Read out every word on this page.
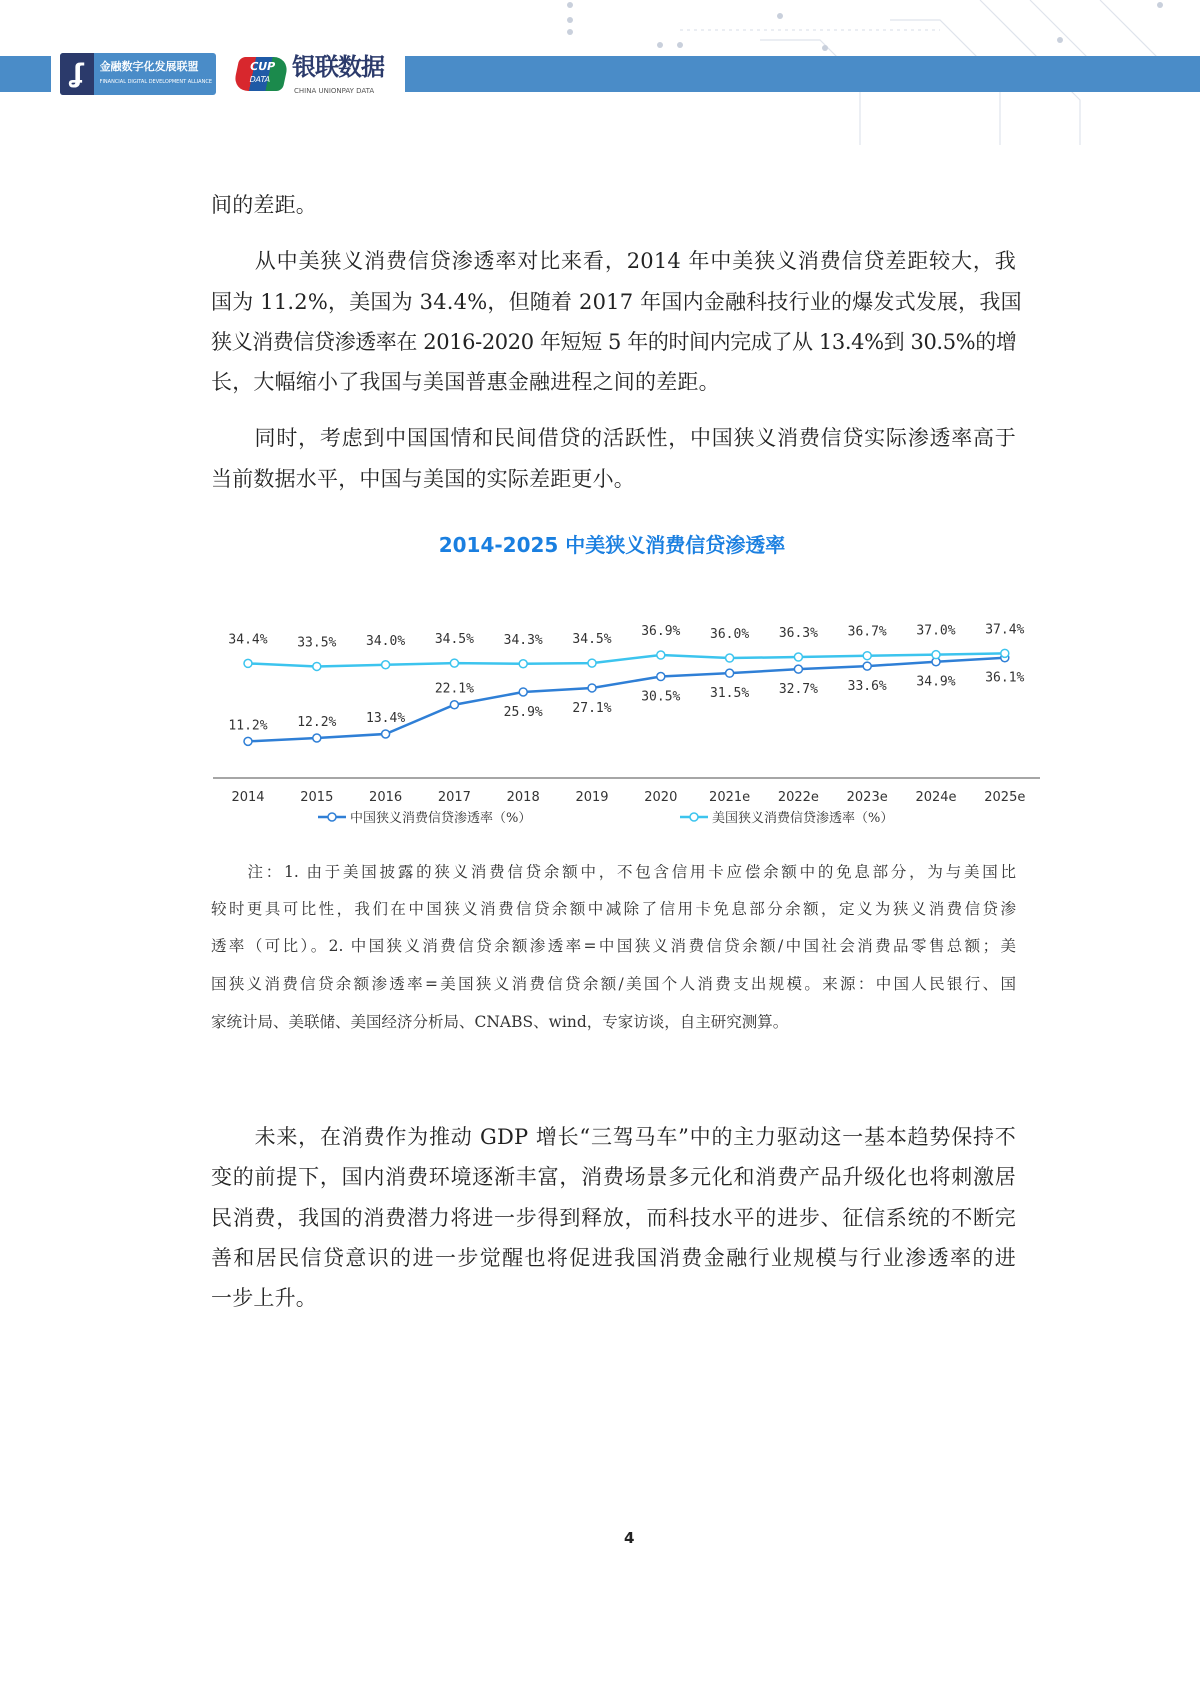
ʆ	金融数字化发展联盟
FINANCIAL DIGITAL DEVELOPMENT ALLIANCE
CUP
DATA 银联数据
CHINA UNIONPAY DATA
间的差距。
　　从中美狭义消费信贷渗透率对比来看，2014 年中美狭义消费信贷差距较大，我
国为 11.2%，美国为 34.4%，但随着 2017 年国内金融科技行业的爆发式发展，我国
狭义消费信贷渗透率在 2016-2020 年短短 5 年的时间内完成了从 13.4%到 30.5%的增
长，大幅缩小了我国与美国普惠金融进程之间的差距。
　　同时，考虑到中国国情和民间借贷的活跃性，中国狭义消费信贷实际渗透率高于
当前数据水平，中国与美国的实际差距更小。
2014-2025 中美狭义消费信贷渗透率
2014	2015	2016	2017	2018	2019	2020 2021e 2022e 2023e 2024e 2025e
11.2% 12.2% 13.4%
22.1%
25.9% 27.1%
30.5% 31.5% 32.7% 33.6% 34.9% 36.1%
中国狭义消费信贷渗透率（%）
34.4% 33.5% 34.0% 34.5% 34.3% 34.5%
36.9% 36.0% 36.3% 36.7% 37.0% 37.4%
美国狭义消费信贷渗透率（%）
　　注：1. 由于美国披露的狭义消费信贷余额中，不包含信用卡应偿余额中的免息部分，为与美国比
较时更具可比性，我们在中国狭义消费信贷余额中减除了信用卡免息部分余额，定义为狭义消费信贷渗
透率（可比）。2. 中国狭义消费信贷余额渗透率=中国狭义消费信贷余额/中国社会消费品零售总额；美
国狭义消费信贷余额渗透率=美国狭义消费信贷余额/美国个人消费支出规模。来源：中国人民银行、国
家统计局、美联储、美国经济分析局、CNABS、wind，专家访谈，自主研究测算。
　　未来，在消费作为推动 GDP 增长“三驾马车”中的主力驱动这一基本趋势保持不
变的前提下，国内消费环境逐渐丰富，消费场景多元化和消费产品升级化也将刺激居
民消费，我国的消费潜力将进一步得到释放，而科技水平的进步、征信系统的不断完
善和居民信贷意识的进一步觉醒也将促进我国消费金融行业规模与行业渗透率的进
一步上升。
4
